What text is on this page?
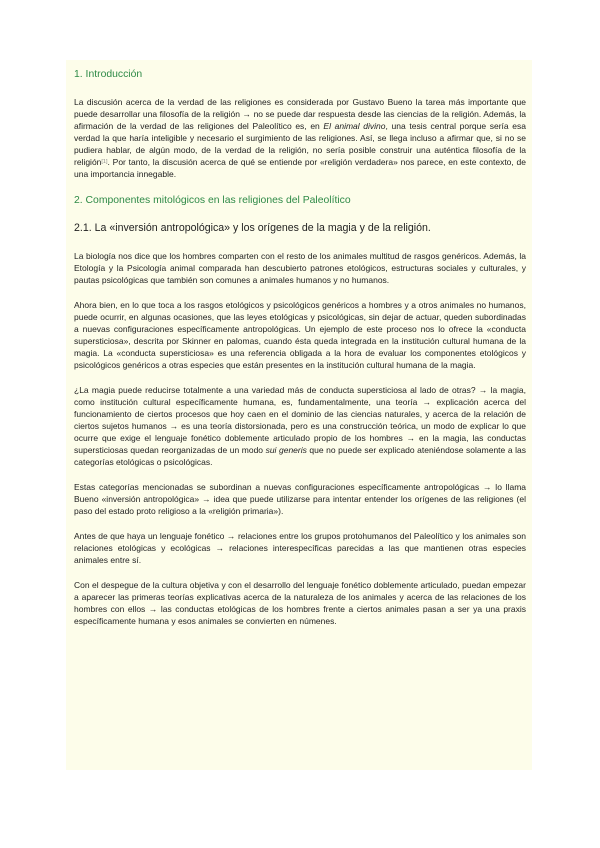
1. Introducción

La discusión acerca de la verdad de las religiones es considerada por Gustavo Bueno la tarea más importante que puede desarrollar una filosofía de la religión → no se puede dar respuesta desde las ciencias de la religión. Además, la afirmación de la verdad de las religiones del Paleolítico es, en El animal divino, una tesis central porque sería esa verdad la que haría inteligible y necesario el surgimiento de las religiones. Así, se llega incluso a afirmar que, si no se pudiera hablar, de algún modo, de la verdad de la religión, no sería posible construir una auténtica filosofía de la religión[1]. Por tanto, la discusión acerca de qué se entiende por «religión verdadera» nos parece, en este contexto, de una importancia innegable.

2. Componentes mitológicos en las religiones del Paleolítico

2.1. La «inversión antropológica» y los orígenes de la magia y de la religión.

La biología nos dice que los hombres comparten con el resto de los animales multitud de rasgos genéricos. Además, la Etología y la Psicología animal comparada han descubierto patrones etológicos, estructuras sociales y culturales, y pautas psicológicas que también son comunes a animales humanos y no humanos.

Ahora bien, en lo que toca a los rasgos etológicos y psicológicos genéricos a hombres y a otros animales no humanos, puede ocurrir, en algunas ocasiones, que las leyes etológicas y psicológicas, sin dejar de actuar, queden subordinadas a nuevas configuraciones específicamente antropológicas. Un ejemplo de este proceso nos lo ofrece la «conducta supersticiosa», descrita por Skinner en palomas, cuando ésta queda integrada en la institución cultural humana de la magia. La «conducta supersticiosa» es una referencia obligada a la hora de evaluar los componentes etológicos y psicológicos genéricos a otras especies que están presentes en la institución cultural humana de la magia.

¿La magia puede reducirse totalmente a una variedad más de conducta supersticiosa al lado de otras? → la magia, como institución cultural específicamente humana, es, fundamentalmente, una teoría → explicación acerca del funcionamiento de ciertos procesos que hoy caen en el dominio de las ciencias naturales, y acerca de la relación de ciertos sujetos humanos → es una teoría distorsionada, pero es una construcción teórica, un modo de explicar lo que ocurre que exige el lenguaje fonético doblemente articulado propio de los hombres → en la magia, las conductas supersticiosas quedan reorganizadas de un modo sui generis que no puede ser explicado ateniéndose solamente a las categorías etológicas o psicológicas.

Estas categorías mencionadas se subordinan a nuevas configuraciones específicamente antropológicas → lo llama Bueno «inversión antropológica» → idea que puede utilizarse para intentar entender los orígenes de las religiones (el paso del estado proto religioso a la «religión primaria»).

Antes de que haya un lenguaje fonético → relaciones entre los grupos protohumanos del Paleolítico y los animales son relaciones etológicas y ecológicas → relaciones interespecíficas parecidas a las que mantienen otras especies animales entre sí.

Con el despegue de la cultura objetiva y con el desarrollo del lenguaje fonético doblemente articulado, puedan empezar a aparecer las primeras teorías explicativas acerca de la naturaleza de los animales y acerca de las relaciones de los hombres con ellos → las conductas etológicas de los hombres frente a ciertos animales pasan a ser ya una praxis específicamente humana y esos animales se convierten en númenes.
